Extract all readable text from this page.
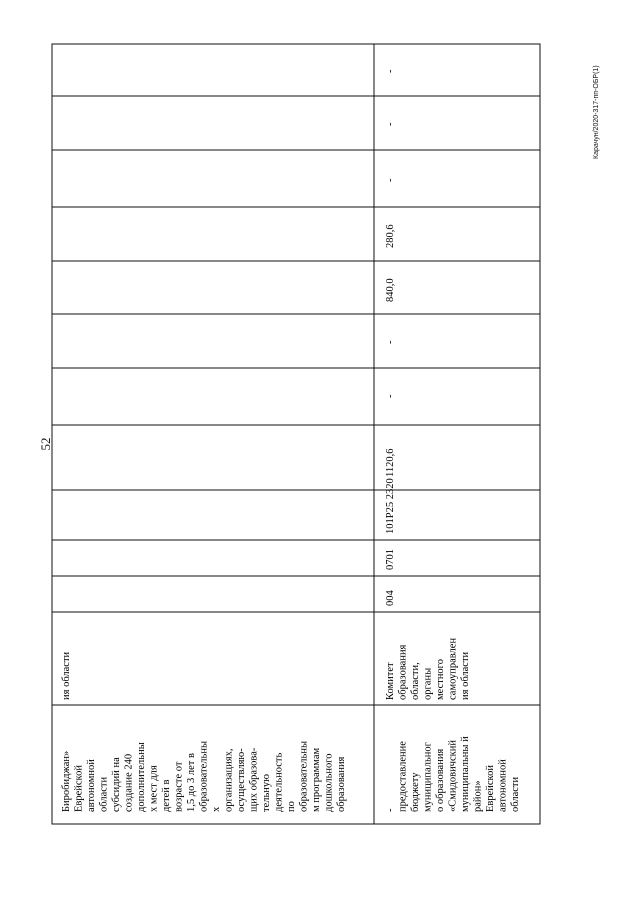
52
Карачун/2020-317-пп-ОБР(1)
Биробиджан» Еврейской автономной области субсидий на создание 240 дополнительны х мест для детей в возрасте от 1,5 до 3 лет в образовательны х организациях, осуществляю- щих образова- тельную деятельность по образовательны м программам дошкольного образования
ия области
- предоставление бюджету муниципальног о образования «Смидовичский муниципальны й район» Еврейской автономной области
Комитет образования области, органы местного самоуправлен ия области
004
0701
101P25 2320
1120,6
-
-
840,0
280,6
-
-
-
